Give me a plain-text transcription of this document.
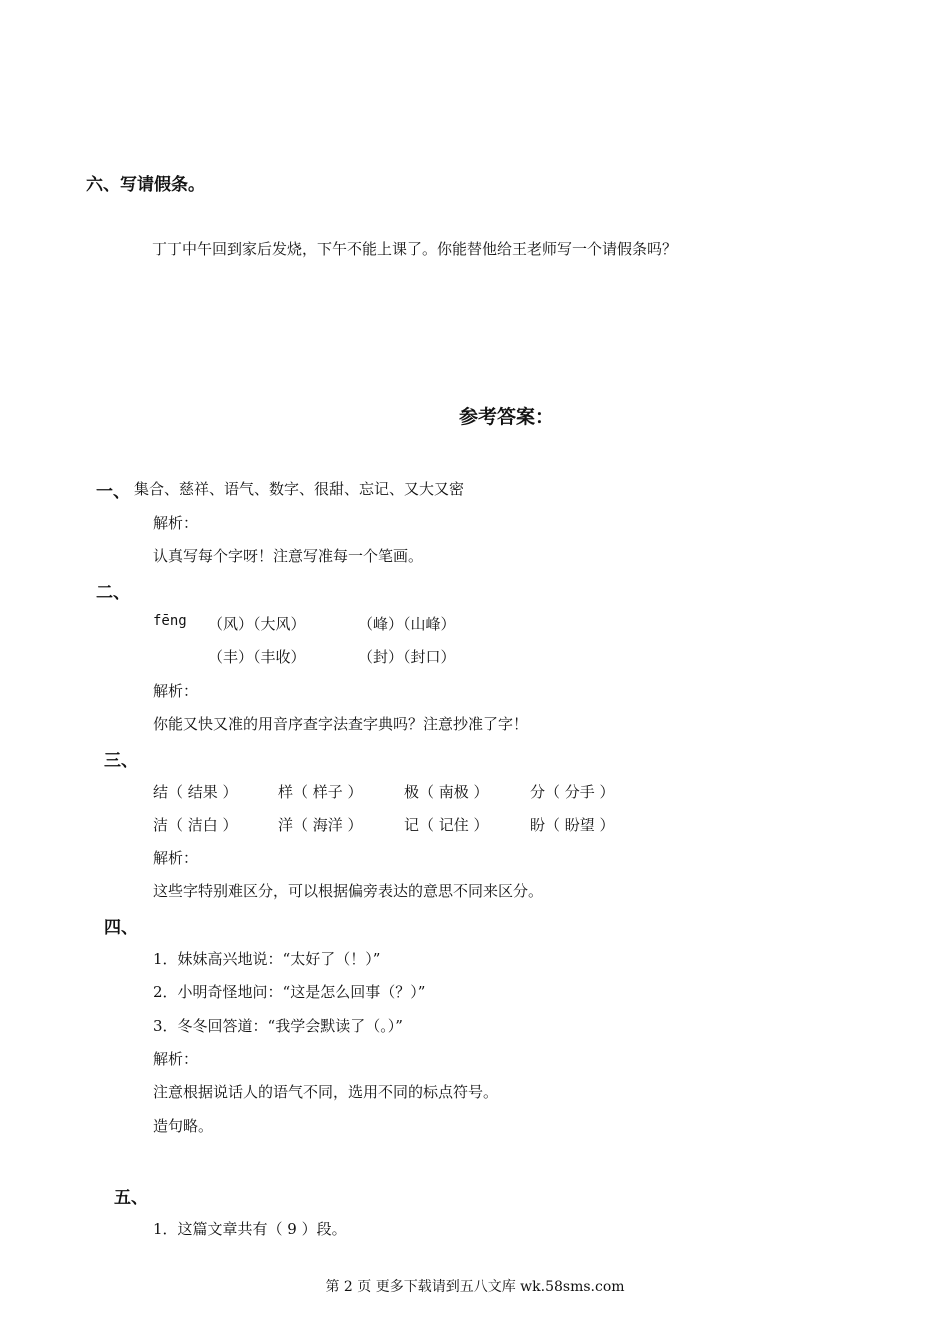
六、写请假条。
丁丁中午回到家后发烧，下午不能上课了。你能替他给王老师写一个请假条吗？
参考答案：
一、 集合、慈祥、语气、数字、很甜、忘记、又大又密
解析：
认真写每个字呀！注意写准每一个笔画。
二、
fēng （风）（大风）	（峰）（山峰）
（丰）（丰收）	（封）（封口）
解析：
你能又快又准的用音序查字法查字典吗？注意抄准了字！
三、
结（ 结果 ）	样（ 样子 ）	极（ 南极 ）	分（ 分手 ）
洁（ 洁白 ）	洋（ 海洋 ）	记（ 记住 ）	盼（ 盼望 ）
解析：
这些字特别难区分，可以根据偏旁表达的意思不同来区分。
四、
1．妹妹高兴地说：“太好了（！）”
2．小明奇怪地问：“这是怎么回事（？）”
3．冬冬回答道：“我学会默读了（。）”
解析：
注意根据说话人的语气不同，选用不同的标点符号。
造句略。
五、
1．这篇文章共有（ 9 ）段。
第 2 页 更多下载请到五八文库 wk.58sms.com
